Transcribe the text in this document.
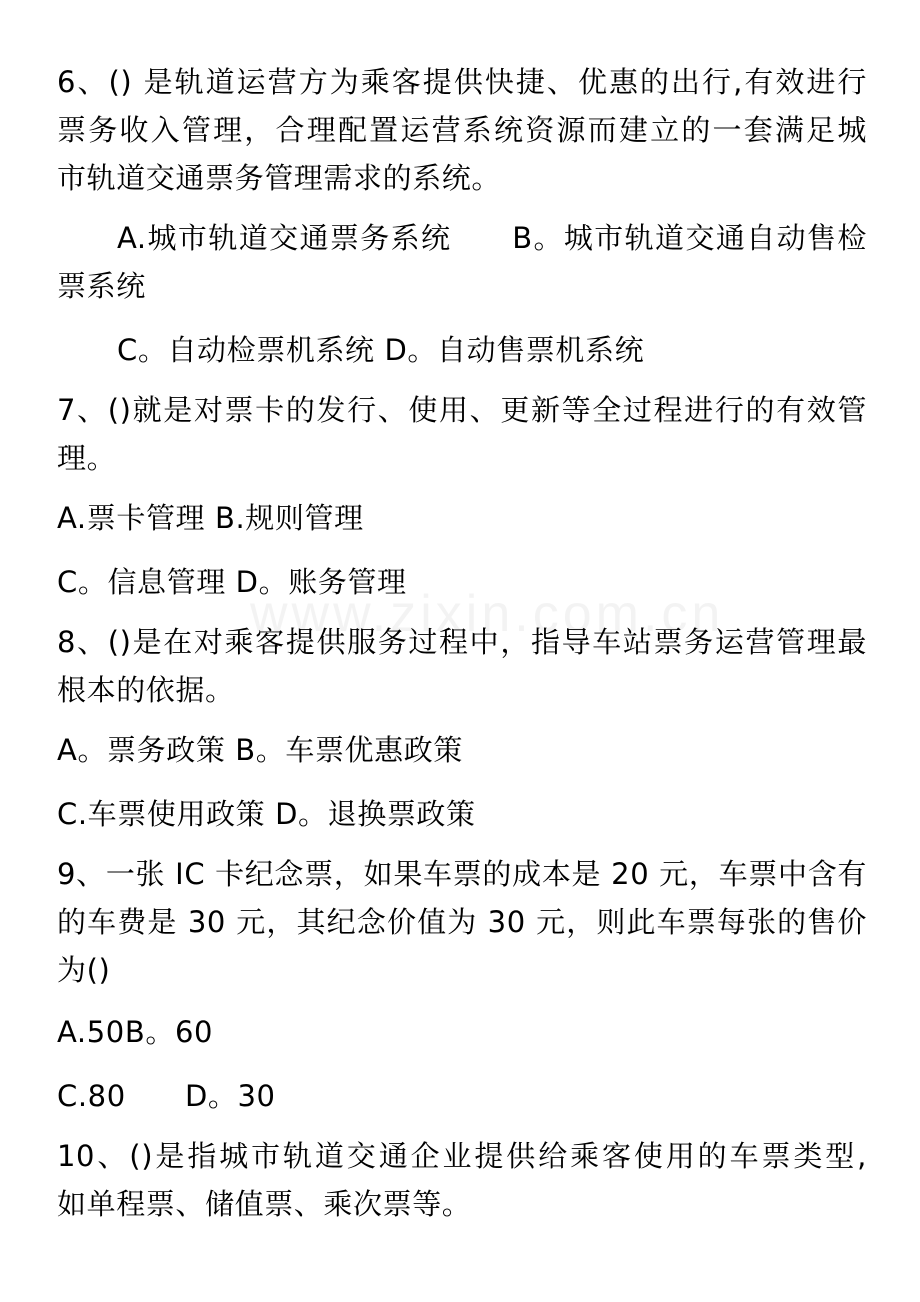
6、() 是轨道运营方为乘客提供快捷、优惠的出行,有效进行
票务收入管理，合理配置运营系统资源而建立的一套满足城
市轨道交通票务管理需求的系统。
A.城市轨道交通票务系统　　B。城市轨道交通自动售检
票系统
C。自动检票机系统 D。自动售票机系统
7、()就是对票卡的发行、使用、更新等全过程进行的有效管
理。
A.票卡管理 B.规则管理
C。信息管理 D。账务管理
8、()是在对乘客提供服务过程中，指导车站票务运营管理最
根本的依据。
A。票务政策 B。车票优惠政策
C.车票使用政策 D。退换票政策
9、一张 IC 卡纪念票，如果车票的成本是 20 元，车票中含有
的车费是 30 元，其纪念价值为 30 元，则此车票每张的售价
为()
A.50B。60
C.80　　D。30
10、()是指城市轨道交通企业提供给乘客使用的车票类型,
如单程票、储值票、乘次票等。
